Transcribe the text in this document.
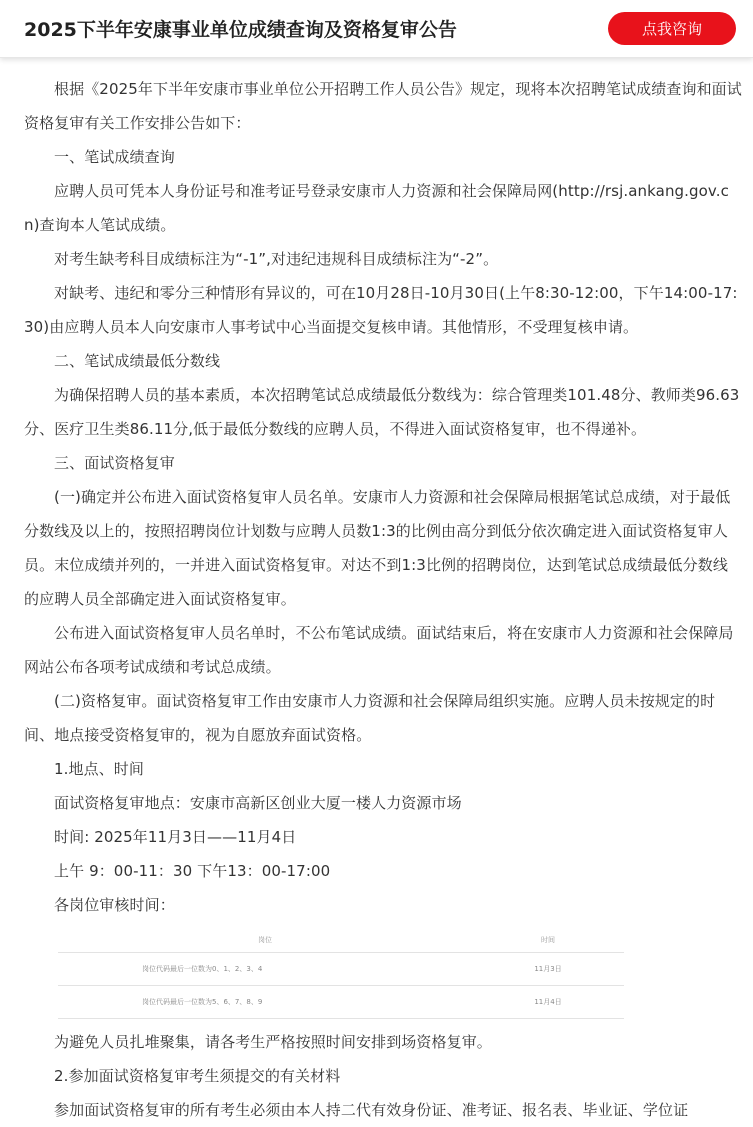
2025下半年安康事业单位成绩查询及资格复审公告	点我咨询

根据《2025年下半年安康市事业单位公开招聘工作人员公告》规定，现将本次招聘笔试成绩查询和面试资格复审有关工作安排公告如下：

一、笔试成绩查询

应聘人员可凭本人身份证号和准考证号登录安康市人力资源和社会保障局网(http://rsj.ankang.gov.cn)查询本人笔试成绩。

对考生缺考科目成绩标注为“-1”,对违纪违规科目成绩标注为“-2”。

对缺考、违纪和零分三种情形有异议的，可在10月28日-10月30日(上午8:30-12:00，下午14:00-17:30)由应聘人员本人向安康市人事考试中心当面提交复核申请。其他情形，不受理复核申请。

二、笔试成绩最低分数线

为确保招聘人员的基本素质，本次招聘笔试总成绩最低分数线为：综合管理类101.48分、教师类96.63分、医疗卫生类86.11分,低于最低分数线的应聘人员，不得进入面试资格复审，也不得递补。

三、面试资格复审

(一)确定并公布进入面试资格复审人员名单。安康市人力资源和社会保障局根据笔试总成绩，对于最低分数线及以上的，按照招聘岗位计划数与应聘人员数1:3的比例由高分到低分依次确定进入面试资格复审人员。末位成绩并列的，一并进入面试资格复审。对达不到1:3比例的招聘岗位，达到笔试总成绩最低分数线的应聘人员全部确定进入面试资格复审。

公布进入面试资格复审人员名单时，不公布笔试成绩。面试结束后，将在安康市人力资源和社会保障局网站公布各项考试成绩和考试总成绩。

(二)资格复审。面试资格复审工作由安康市人力资源和社会保障局组织实施。应聘人员未按规定的时间、地点接受资格复审的，视为自愿放弃面试资格。

1.地点、时间

面试资格复审地点：安康市高新区创业大厦一楼人力资源市场

时间: 2025年11月3日——11月4日

上午 9：00-11：30 下午13：00-17:00

各岗位审核时间：

岗位	时间
岗位代码最后一位数为0、1、2、3、4	11月3日
岗位代码最后一位数为5、6、7、8、9	11月4日

为避免人员扎堆聚集，请各考生严格按照时间安排到场资格复审。

2.参加面试资格复审考生须提交的有关材料

参加面试资格复审的所有考生必须由本人持二代有效身份证、准考证、报名表、毕业证、学位证
